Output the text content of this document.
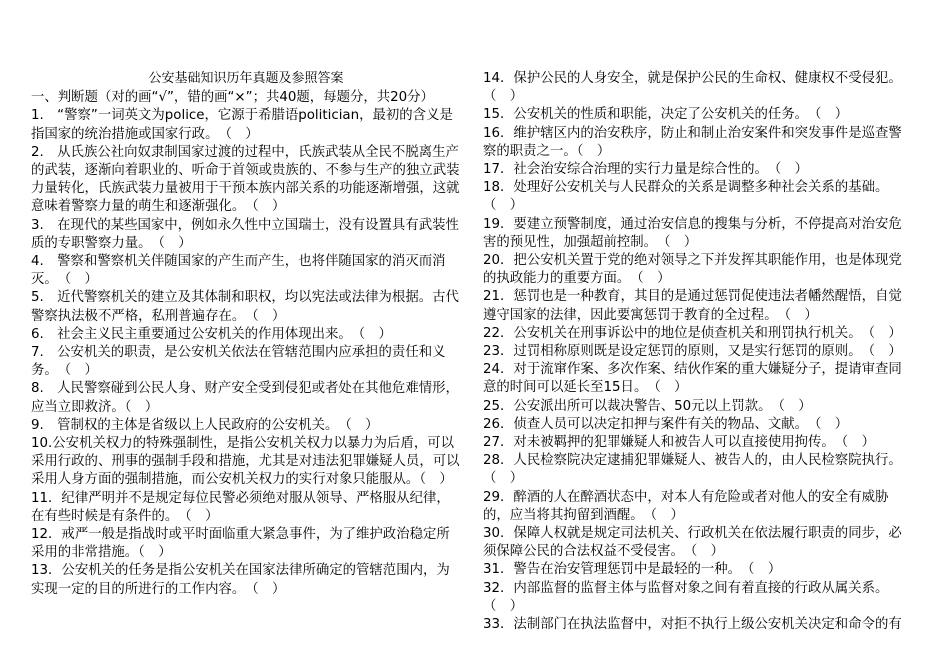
公安基础知识历年真题及参照答案

一、判断题（对的画“√”，错的画“×”；共40题，每题分，共20分）

1.　“警察”一词英文为police，它源于希腊语politician，最初的含义是指国家的统治措施或国家行政。　（　）

2.　从氏族公社向奴隶制国家过渡的过程中，氏族武装从全民不脱离生产的武装，逐渐向着职业的、听命于首领或贵族的、不参与生产的独立武装力量转化，氏族武装力量被用于干预本族内部关系的功能逐渐增强，这就意味着警察力量的萌生和逐渐强化。　（　）

3.　在现代的某些国家中，例如永久性中立国瑞士，没有设置具有武装性质的专职警察力量。　（　）

4.　警察和警察机关伴随国家的产生而产生，也将伴随国家的消灭而消灭。　（　）

5.　近代警察机关的建立及其体制和职权，均以宪法或法律为根据。古代警察执法极不严格，私刑普遍存在。　（　）

6.　社会主义民主重要通过公安机关的作用体现出来。　（　）

7.　公安机关的职责，是公安机关依法在管辖范围内应承担的责任和义务。　（　）

8.　人民警察碰到公民人身、财产安全受到侵犯或者处在其他危难情形，应当立即救济。（　）

9.　管制权的主体是省级以上人民政府的公安机关。　（　）

10.公安机关权力的特殊强制性，是指公安机关权力以暴力为后盾，可以采用行政的、刑事的强制手段和措施，尤其是对违法犯罪嫌疑人员，可以采用人身方面的强制措施，而公安机关权力的实行对象只能服从。（　）

11．纪律严明并不是规定每位民警必须绝对服从领导、严格服从纪律，在有些时候是有条件的。　（　）

12．戒严一般是指战时或平时面临重大紧急事件，为了维护政治稳定所采用的非常措施。（　）

13．公安机关的任务是指公安机关在国家法律所确定的管辖范围内，为实现一定的目的所进行的工作内容。　（　）

14．保护公民的人身安全，就是保护公民的生命权、健康权不受侵犯。（　）

15．公安机关的性质和职能，决定了公安机关的任务。　（　）

16．维护辖区内的治安秩序，防止和制止治安案件和突发事件是巡查警察的职责之一。（　）

17．社会治安综合治理的实行力量是综合性的。　（　）

18．处理好公安机关与人民群众的关系是调整多种社会关系的基础。（　）

19．要建立预警制度，通过治安信息的搜集与分析，不停提高对治安危害的预见性，加强超前控制。　（　）

20．把公安机关置于党的绝对领导之下并发挥其职能作用，也是体现党的执政能力的重要方面。　（　）

21．惩罚也是一种教育，其目的是通过惩罚促使违法者幡然醒悟，自觉遵守国家的法律，因此要寓惩罚于教育的全过程。　（　）

22．公安机关在刑事诉讼中的地位是侦查机关和刑罚执行机关。　（　）

23．过罚相称原则既是设定惩罚的原则，又是实行惩罚的原则。　（　）

24．对于流窜作案、多次作案、结伙作案的重大嫌疑分子，提请审查同意的时间可以延长至15日。　（　）

25．公安派出所可以裁决警告、50元以上罚款。　（　）

26．侦查人员可以决定扣押与案件有关的物品、文献。　（　）

27．对未被羁押的犯罪嫌疑人和被告人可以直接使用拘传。　（　）

28．人民检察院决定逮捕犯罪嫌疑人、被告人的，由人民检察院执行。（　）

29．醉酒的人在醉酒状态中，对本人有危险或者对他人的安全有威胁的，应当将其拘留到酒醒。　（　）

30．保障人权就是规定司法机关、行政机关在依法履行职责的同步，必须保障公民的合法权益不受侵害。　（　）

31．警告在治安管理惩罚中是最轻的一种。　（　）

32．内部监督的监督主体与监督对象之间有着直接的行政从属关系。（　）

33．法制部门在执法监督中，对拒不执行上级公安机关决定和命令的有
